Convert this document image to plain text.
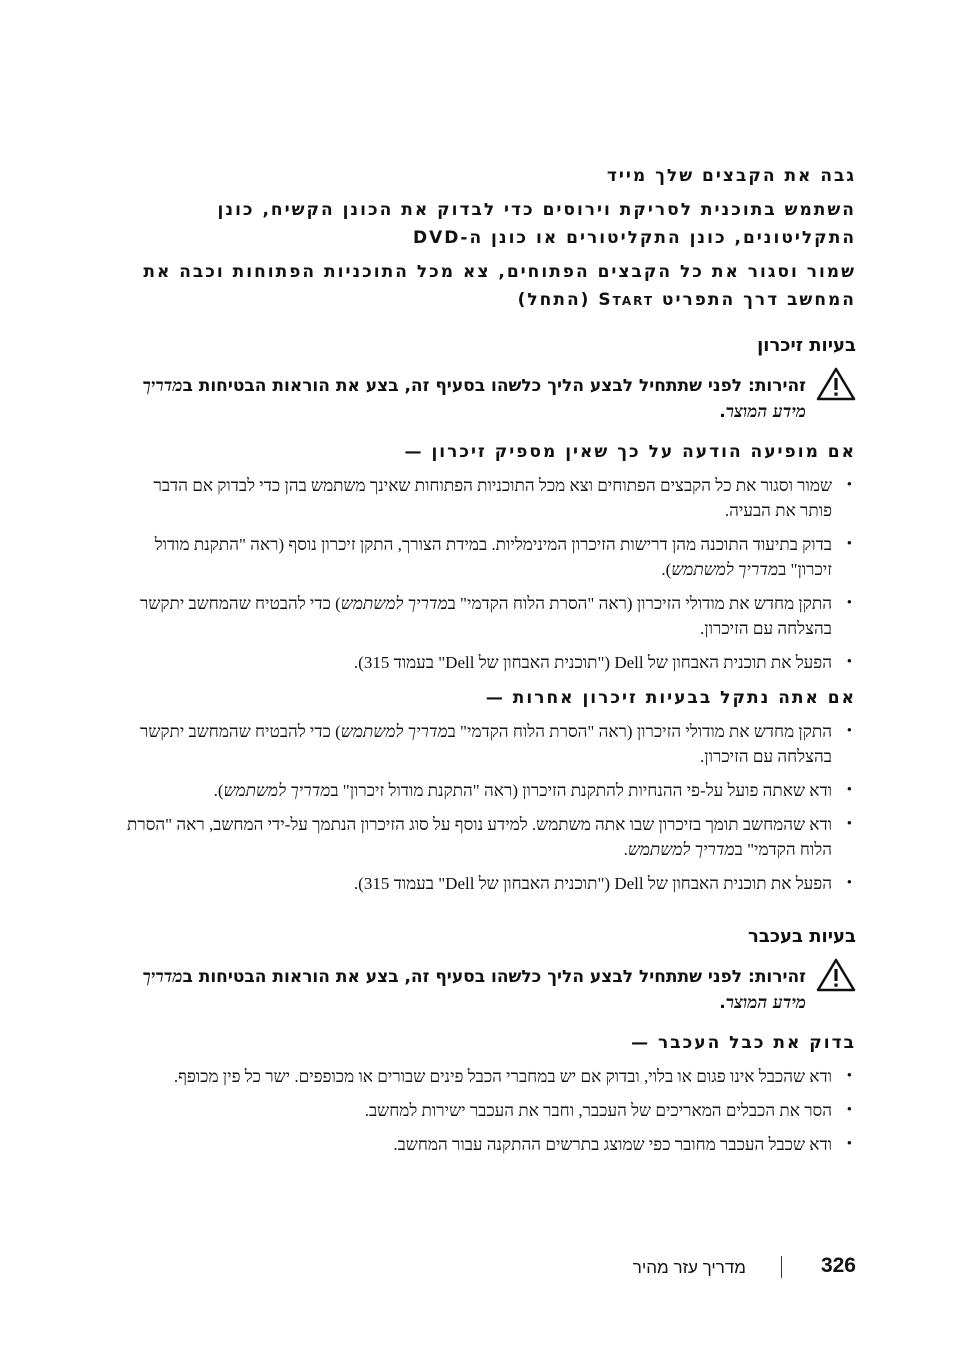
גבה את הקבצים שלך מייד

השתמש בתוכנית לסריקת וירוסים כדי לבדוק את הכונן הקשיח, כונן התקליטונים, כונן התקליטורים או כונן ה-DVD

שמור וסגור את כל הקבצים הפתוחים, צא מכל התוכניות הפתוחות וכבה את המחשב דרך התפריט Start (התחל)

בעיות זיכרון

זהירות: לפני שתתחיל לבצע הליך כלשהו בסעיף זה, בצע את הוראות הבטיחות במדריך מידע המוצר.

אם מופיעה הודעה על כך שאין מספיק זיכרון —

• שמור וסגור את כל הקבצים הפתוחים וצא מכל התוכניות הפתוחות שאינך משתמש בהן כדי לבדוק אם הדבר פותר את הבעיה.
• בדוק בתיעוד התוכנה מהן דרישות הזיכרון המינימליות. במידת הצורך, התקן זיכרון נוסף (ראה "התקנת מודול זיכרון" במדריך למשתמש).
• התקן מחדש את מודולי הזיכרון (ראה "הסרת הלוח הקדמי" במדריך למשתמש) כדי להבטיח שהמחשב יתקשר בהצלחה עם הזיכרון.
• הפעל את תוכנית האבחון של Dell ("תוכנית האבחון של Dell" בעמוד 315).

אם אתה נתקל בבעיות זיכרון אחרות —

• התקן מחדש את מודולי הזיכרון (ראה "הסרת הלוח הקדמי" במדריך למשתמש) כדי להבטיח שהמחשב יתקשר בהצלחה עם הזיכרון.
• ודא שאתה פועל על-פי ההנחיות להתקנת הזיכרון (ראה "התקנת מודול זיכרון" במדריך למשתמש).
• ודא שהמחשב תומך בזיכרון שבו אתה משתמש. למידע נוסף על סוג הזיכרון הנתמך על-ידי המחשב, ראה "הסרת הלוח הקדמי" במדריך למשתמש.
• הפעל את תוכנית האבחון של Dell ("תוכנית האבחון של Dell" בעמוד 315).

בעיות בעכבר

זהירות: לפני שתתחיל לבצע הליך כלשהו בסעיף זה, בצע את הוראות הבטיחות במדריך מידע המוצר.

בדוק את כבל העכבר —

• ודא שהכבל אינו פגום או בלוי, ובדוק אם יש במחברי הכבל פינים שבורים או מכופפים. ישר כל פין מכופף.
• הסר את הכבלים המאריכים של העכבר, וחבר את העכבר ישירות למחשב.
• ודא שכבל העכבר מחובר כפי שמוצג בתרשים ההתקנה עבור המחשב.
326
מדריך עזר מהיר
